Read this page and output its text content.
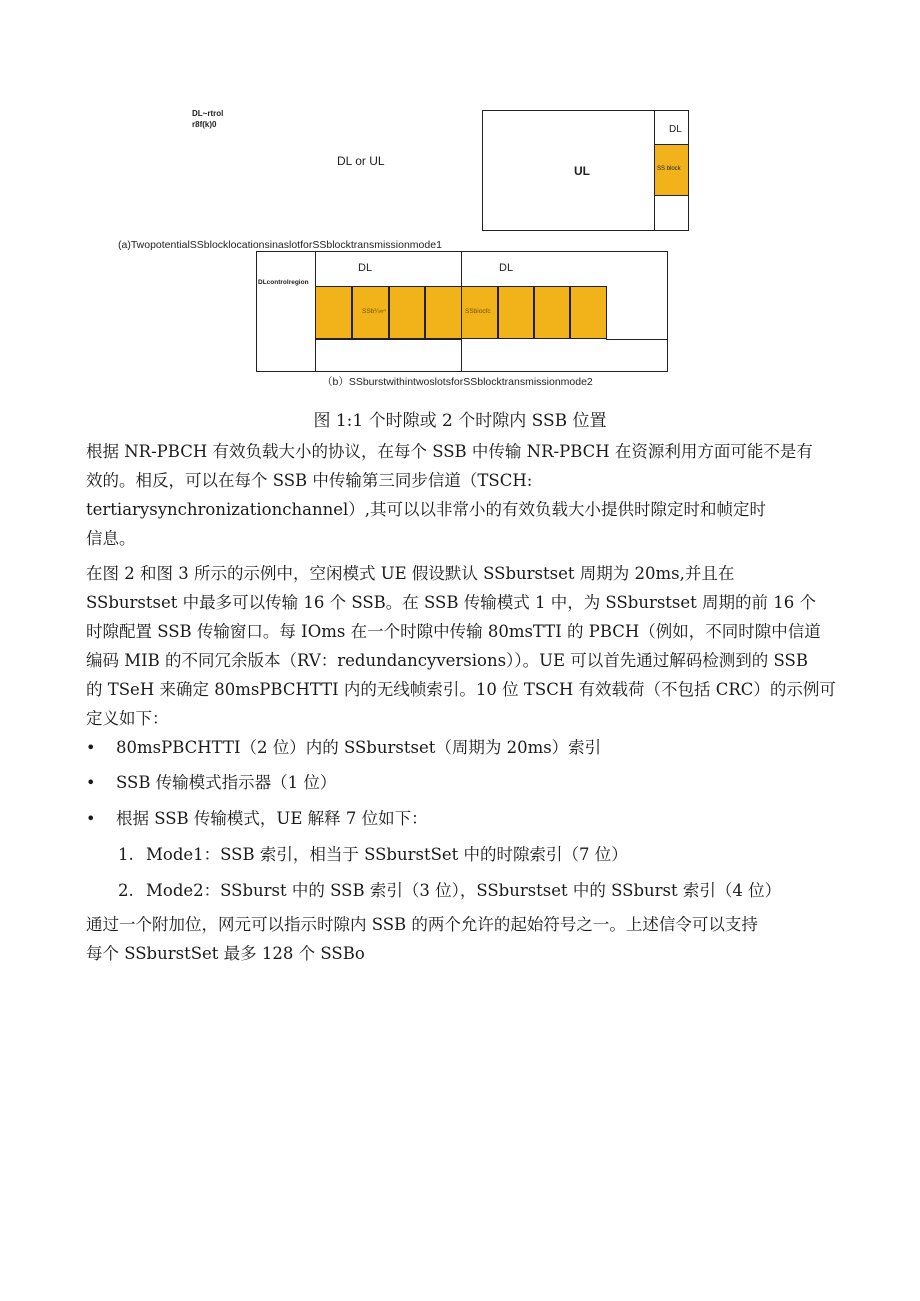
DL~rtrol
r8f(k)0
DL or UL
UL
DL
SS block
(a)TwopotentialSSblocklocationsinaslotforSSblocktransmissionmode1
DLcontrolregion
DL	DL
SSb¼«ⁿ	SSbiocfc
（b）SSburstwithintwoslotsforSSblocktransmissionmode2
图 1:1 个时隙或 2 个时隙内 SSB 位置
根据 NR-PBCH 有效负载大小的协议，在每个 SSB 中传输 NR-PBCH 在资源利用方面可能不是有
效的。相反，可以在每个 SSB 中传输第三同步信道（TSCH:
tertiarysynchronizationchannel）,其可以以非常小的有效负载大小提供时隙定时和帧定时
信息。
在图 2 和图 3 所示的示例中，空闲模式 UE 假设默认 SSburstset 周期为 20ms,并且在
SSburstset 中最多可以传输 16 个 SSB。在 SSB 传输模式 1 中，为 SSburstset 周期的前 16 个
时隙配置 SSB 传输窗口。每 IOms 在一个时隙中传输 80msTTI 的 PBCH（例如，不同时隙中信道
编码 MIB 的不同冗余版本（RV：redundancyversions））。UE 可以首先通过解码检测到的 SSB
的 TSeH 来确定 80msPBCHTTI 内的无线帧索引。10 位 TSCH 有效载荷（不包括 CRC）的示例可
定义如下：
• 80msPBCHTTI（2 位）内的 SSburstset（周期为 20ms）索引
• SSB 传输模式指示器（1 位）
• 根据 SSB 传输模式，UE 解释 7 位如下：
1. Mode1：SSB 索引，相当于 SSburstSet 中的时隙索引（7 位）
2. Mode2：SSburst 中的 SSB 索引（3 位），SSburstset 中的 SSburst 索引（4 位）
通过一个附加位，网元可以指示时隙内 SSB 的两个允许的起始符号之一。上述信令可以支持
每个 SSburstSet 最多 128 个 SSBo
